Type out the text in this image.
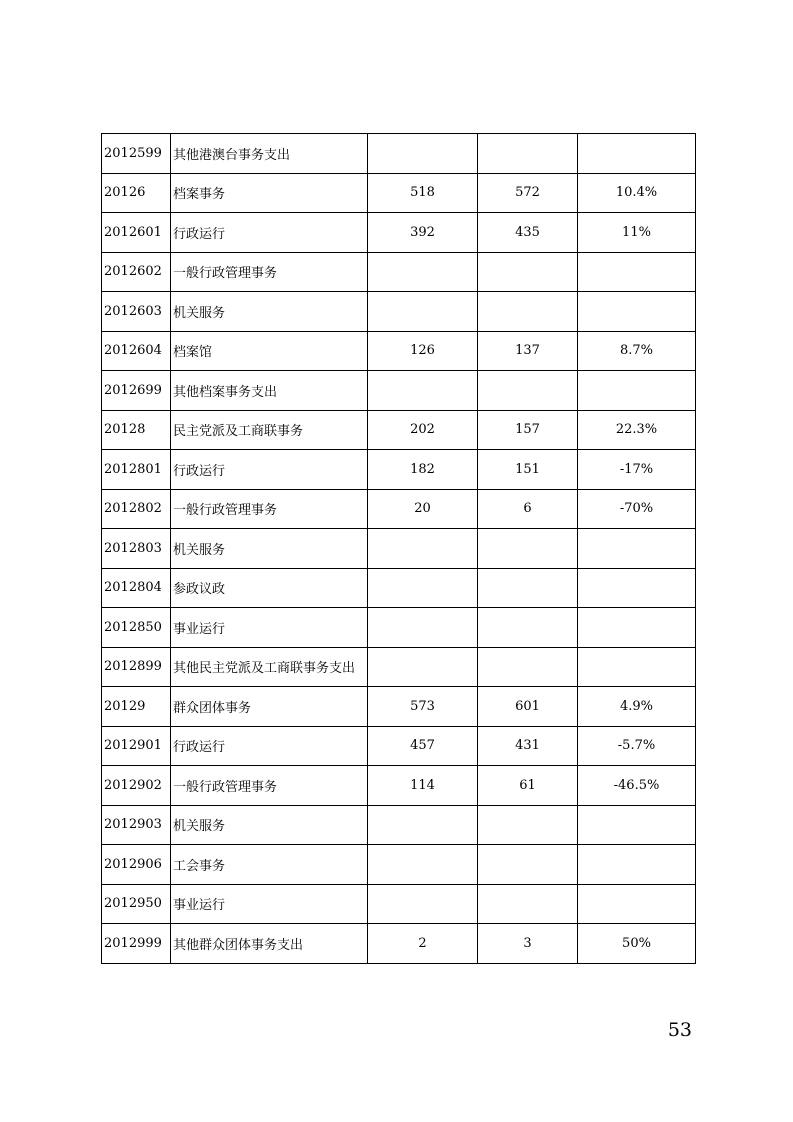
2012599	其他港澳台事务支出			
20126	档案事务	518	572	10.4%
2012601	行政运行	392	435	11%
2012602	一般行政管理事务			
2012603	机关服务			
2012604	档案馆	126	137	8.7%
2012699	其他档案事务支出			
20128	民主党派及工商联事务	202	157	22.3%
2012801	行政运行	182	151	-17%
2012802	一般行政管理事务	20	6	-70%
2012803	机关服务			
2012804	参政议政			
2012850	事业运行			
2012899	其他民主党派及工商联事务支出			
20129	群众团体事务	573	601	4.9%
2012901	行政运行	457	431	-5.7%
2012902	一般行政管理事务	114	61	-46.5%
2012903	机关服务			
2012906	工会事务			
2012950	事业运行			
2012999	其他群众团体事务支出	2	3	50%
53
